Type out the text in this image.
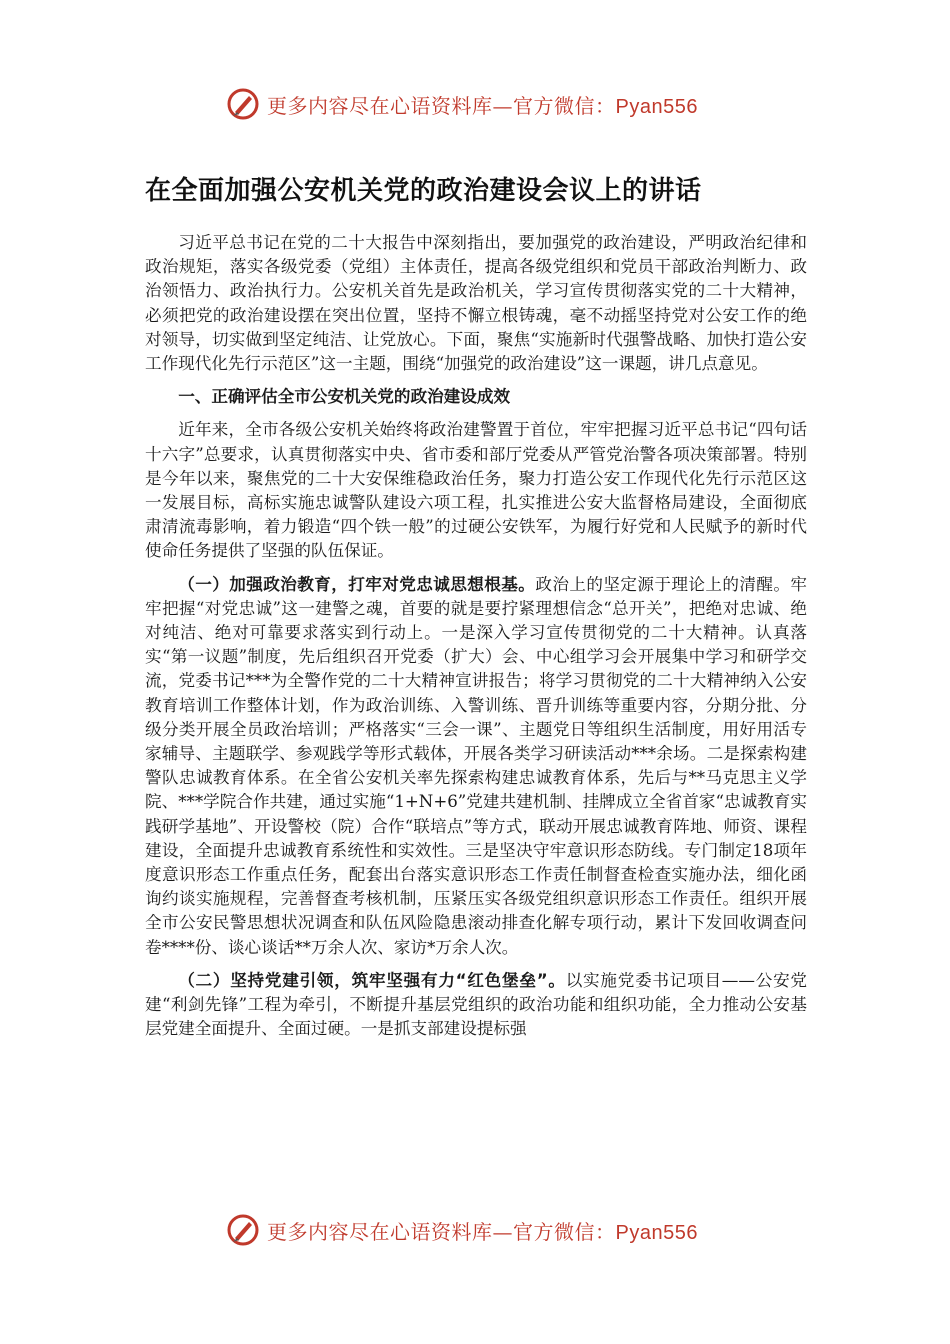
更多内容尽在心语资料库—官方微信：Pyan556
在全面加强公安机关党的政治建设会议上的讲话

习近平总书记在党的二十大报告中深刻指出，要加强党的政治建设，严明政治纪律和政治规矩，落实各级党委（党组）主体责任，提高各级党组织和党员干部政治判断力、政治领悟力、政治执行力。公安机关首先是政治机关，学习宣传贯彻落实党的二十大精神，必须把党的政治建设摆在突出位置，坚持不懈立根铸魂，毫不动摇坚持党对公安工作的绝对领导，切实做到坚定纯洁、让党放心。下面，聚焦“实施新时代强警战略、加快打造公安工作现代化先行示范区”这一主题，围绕“加强党的政治建设”这一课题，讲几点意见。

一、正确评估全市公安机关党的政治建设成效

近年来，全市各级公安机关始终将政治建警置于首位，牢牢把握习近平总书记“四句话十六字”总要求，认真贯彻落实中央、省市委和部厅党委从严管党治警各项决策部署。特别是今年以来，聚焦党的二十大安保维稳政治任务，聚力打造公安工作现代化先行示范区这一发展目标，高标实施忠诚警队建设六项工程，扎实推进公安大监督格局建设，全面彻底肃清流毒影响，着力锻造“四个铁一般”的过硬公安铁军，为履行好党和人民赋予的新时代使命任务提供了坚强的队伍保证。

（一）加强政治教育，打牢对党忠诚思想根基。政治上的坚定源于理论上的清醒。牢牢把握“对党忠诚”这一建警之魂，首要的就是要拧紧理想信念“总开关”，把绝对忠诚、绝对纯洁、绝对可靠要求落实到行动上。一是深入学习宣传贯彻党的二十大精神。认真落实“第一议题”制度，先后组织召开党委（扩大）会、中心组学习会开展集中学习和研学交流，党委书记***为全警作党的二十大精神宣讲报告；将学习贯彻党的二十大精神纳入公安教育培训工作整体计划，作为政治训练、入警训练、晋升训练等重要内容，分期分批、分级分类开展全员政治培训；严格落实“三会一课”、主题党日等组织生活制度，用好用活专家辅导、主题联学、参观践学等形式载体，开展各类学习研读活动***余场。二是探索构建警队忠诚教育体系。在全省公安机关率先探索构建忠诚教育体系，先后与**马克思主义学院、***学院合作共建，通过实施“1+N+6”党建共建机制、挂牌成立全省首家“忠诚教育实践研学基地”、开设警校（院）合作“联培点”等方式，联动开展忠诚教育阵地、师资、课程建设，全面提升忠诚教育系统性和实效性。三是坚决守牢意识形态防线。专门制定18项年度意识形态工作重点任务，配套出台落实意识形态工作责任制督查检查实施办法，细化函询约谈实施规程，完善督查考核机制，压紧压实各级党组织意识形态工作责任。组织开展全市公安民警思想状况调查和队伍风险隐患滚动排查化解专项行动，累计下发回收调查问卷****份、谈心谈话**万余人次、家访*万余人次。

（二）坚持党建引领，筑牢坚强有力“红色堡垒”。以实施党委书记项目——公安党建“利剑先锋”工程为牵引，不断提升基层党组织的政治功能和组织功能，全力推动公安基层党建全面提升、全面过硬。一是抓支部建设提标强

更多内容尽在心语资料库—官方微信：Pyan556
